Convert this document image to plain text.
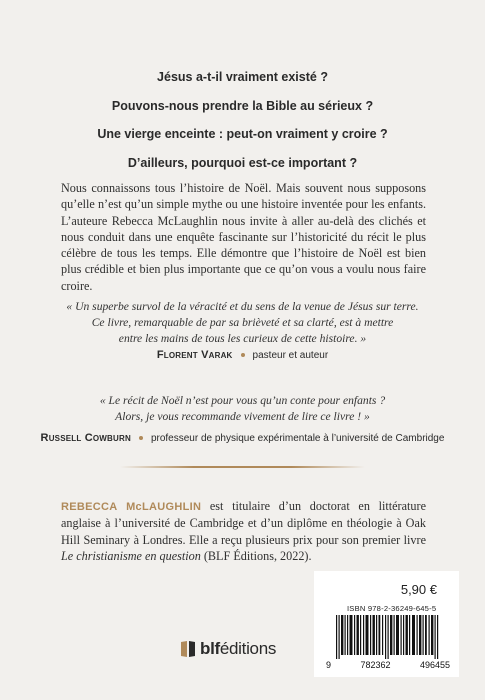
Jésus a-t-il vraiment existé ?
Pouvons-nous prendre la Bible au sérieux ?
Une vierge enceinte : peut-on vraiment y croire ?
D’ailleurs, pourquoi est-ce important ?
Nous connaissons tous l’histoire de Noël. Mais souvent nous supposons qu’elle n’est qu’un simple mythe ou une histoire inventée pour les enfants. L’auteure Rebecca McLaughlin nous invite à aller au-delà des clichés et nous conduit dans une enquête fascinante sur l’historicité du récit le plus célèbre de tous les temps. Elle démontre que l’histoire de Noël est bien plus crédible et bien plus importante que ce qu’on vous a voulu nous faire croire.
« Un superbe survol de la véracité et du sens de la venue de Jésus sur terre.
Ce livre, remarquable de par sa brièveté et sa clarté, est à mettre
entre les mains de tous les curieux de cette histoire. »
Florent Varak pasteur et auteur
« Le récit de Noël n’est pour vous qu’un conte pour enfants ?
Alors, je vous recommande vivement de lire ce livre ! »
Russell Cowburn professeur de physique expérimentale à l’université de Cambridge
REBECCA McLAUGHLIN est titulaire d’un doctorat en littérature anglaise à l’université de Cambridge et d’un diplôme en théologie à Oak Hill Seminary à Londres. Elle a reçu plusieurs prix pour son premier livre Le christianisme en question (BLF Éditions, 2022).
blféditions
5,90 €
ISBN 978-2-36249-645-5
9	782362	496455
